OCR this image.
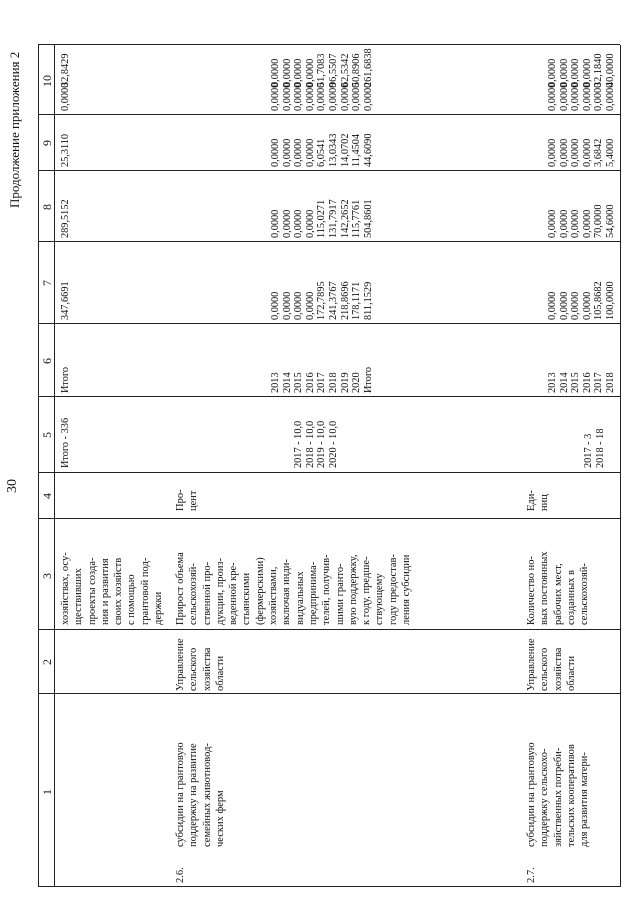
30
Продолжение приложения 2
1
2
3
4
5
6
7
8
9
10
хозяйствах, осу-
ществивших
проекты созда-
ния и развития
своих хозяйств
с помощью
грантовой под-
держки
Итого - 336
Итого
347,6691
289,5152
25,3110
0,0000
32,8429
2.6.
субсидии на грантовую
поддержку на развитие
семейных животновод-
ческих ферм
Управление
сельского
хозяйства
области
Прирост объема
сельскохозяй-
ственной про-
дукции, произ-
веденной кре-
стьянскими
(фермерскими)
хозяйствами,
включая инди-
видуальных
предпринима-
телей, получив-
шими гранто-
вую поддержку,
к году, предше-
ствующему
году предостав-
ления субсидии
Про-
цент
2017 - 10,0
2018 - 10,0
2019 - 10,0
2020 - 10,0
2013
2014
2015
2016
2017
2018
2019
2020
Итого
0,0000
0,0000
0,0000
0,0000
172,7895
241,3767
218,8696
178,1171
811,1529
0,0000
0,0000
0,0000
0,0000
115,0271
131,7917
142,2652
115,7761
504,8601
0,0000
0,0000
0,0000
0,0000
6,0541
13,0343
14,0702
11,4504
44,6090
0,0000
0,0000
0,0000
0,0000
0,0000
0,0000
0,0000
0,0000
0,0000
0,0000
0,0000
0,0000
0,0000
51,7083
96,5507
62,5342
50,8906
261,6838
2.7.
субсидии на грантовую
поддержку сельскохо-
зяйственных потреби-
тельских кооперативов
для развития матери-
Управление
сельского
хозяйства
области
Количество но-
вых постоянных
рабочих мест,
созданных в
сельскохозяй-
Еди-
ниц
2017 - 3
2018 - 18
2013
2014
2015
2016
2017
2018
0,0000
0,0000
0,0000
0,0000
105,8682
100,0000
0,0000
0,0000
0,0000
0,0000
70,0000
54,6000
0,0000
0,0000
0,0000
0,0000
3,6842
5,4000
0,0000
0,0000
0,0000
0,0000
0,0000
0,0000
0,0000
0,0000
0,0000
0,0000
32,1840
40,0000
